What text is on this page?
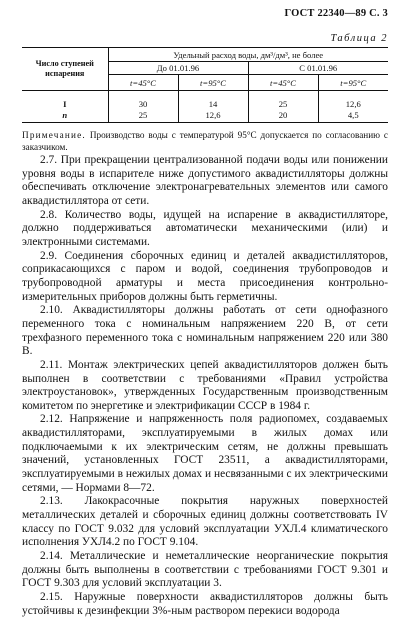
ГОСТ 22340—89 С. 3
Таблица 2
Число ступеней испарения	Удельный расход воды, дм³/дм³, не более			
	До 01.01.96		С 01.01.96	
	t=45°C	t=95°C	t=45°C	t=95°C
I	30	14	25	12,6
n	25	12,6	20	4,5
Примечание. Производство воды с температурой 95°С допускается по согласованию с заказчиком.

2.7. При прекращении централизованной подачи воды или понижении уровня воды в испарителе ниже допустимого аквадистилляторы должны обеспечивать отключение электронагревательных элементов или самого аквадистиллятора от сети.

2.8. Количество воды, идущей на испарение в аквадистилляторе, должно поддерживаться автоматически механическими (или) и электронными системами.

2.9. Соединения сборочных единиц и деталей аквадистилляторов, соприкасающихся с паром и водой, соединения трубопроводов и трубопроводной арматуры и места присоединения контрольно-измерительных приборов должны быть герметичны.

2.10. Аквадистилляторы должны работать от сети однофазного переменного тока с номинальным напряжением 220 В, от сети трехфазного переменного тока с номинальным напряжением 220 или 380 В.

2.11. Монтаж электрических цепей аквадистилляторов должен быть выполнен в соответствии с требованиями «Правил устройства электроустановок», утвержденных Государственным производственным комитетом по энергетике и электрификации СССР в 1984 г.

2.12. Напряжение и напряженность поля радиопомех, создаваемых аквадистилляторами, эксплуатируемыми в жилых домах или подключаемыми к их электрическим сетям, не должны превышать значений, установленных ГОСТ 23511, а аквадистилляторами, эксплуатируемыми в нежилых домах и несвязанными с их электрическими сетями, — Нормами 8—72.

2.13. Лакокрасочные покрытия наружных поверхностей металлических деталей и сборочных единиц должны соответствовать IV классу по ГОСТ 9.032 для условий эксплуатации УХЛ.4 климатического исполнения УХЛ4.2 по ГОСТ 9.104.

2.14. Металлические и неметаллические неорганические покрытия должны быть выполнены в соответствии с требованиями ГОСТ 9.301 и ГОСТ 9.303 для условий эксплуатации 3.

2.15. Наружные поверхности аквадистилляторов должны быть устойчивы к дезинфекции 3%-ным раствором перекиси водорода
